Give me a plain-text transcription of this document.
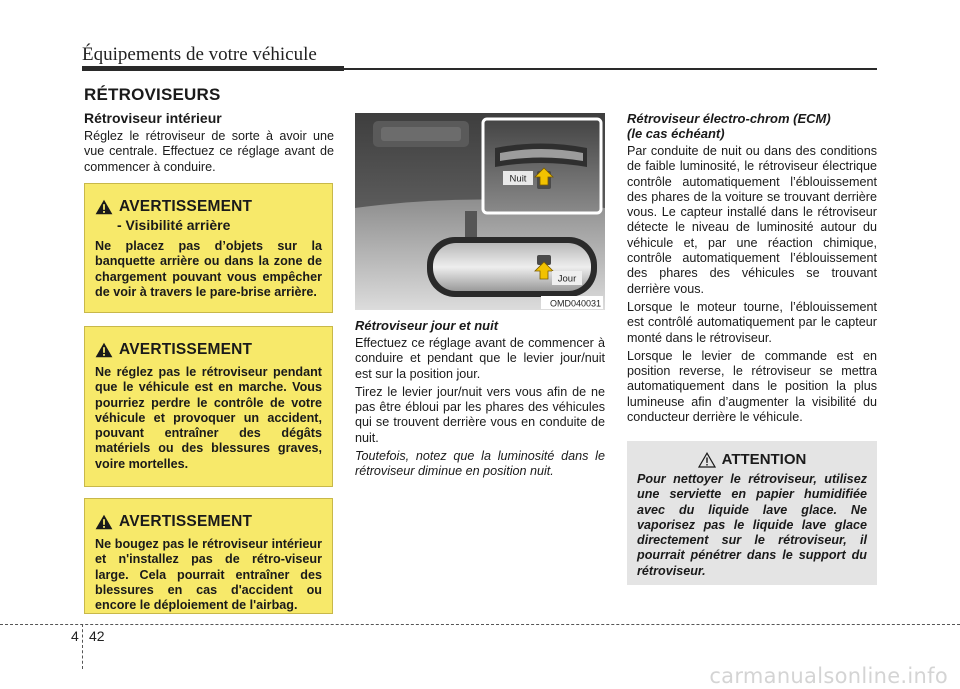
Équipements de votre véhicule
RÉTROVISEURS
Rétroviseur intérieur

Réglez le rétroviseur de sorte à avoir une vue centrale. Effectuez ce réglage avant de commencer à conduire.

AVERTISSEMENT
- Visibilité arrière
Ne placez pas d’objets sur la banquette arrière ou dans la zone de chargement pouvant vous empêcher de voir à travers le pare-brise arrière.
AVERTISSEMENT
Ne réglez pas le rétroviseur pendant que le véhicule est en marche. Vous pourriez perdre le contrôle de votre véhicule et provoquer un accident, pouvant entraîner des dégâts matériels ou des blessures graves, voire mortelles.
AVERTISSEMENT
Ne bougez pas le rétroviseur intérieur et n'installez pas de rétro-viseur large. Cela pourrait entraîner des blessures en cas d'accident ou encore le déploiement de l'airbag.
Nuit
Jour
OMD040031
Rétroviseur jour et nuit

Effectuez ce réglage avant de commencer à conduire et pendant que le levier jour/nuit est sur la position jour.

Tirez le levier jour/nuit vers vous afin de ne pas être ébloui par les phares des véhicules qui se trouvent derrière vous en conduite de nuit.

Toutefois, notez que la luminosité dans le rétroviseur diminue en position nuit.

Rétroviseur électro-chrom (ECM)
(le cas échéant)

Par conduite de nuit ou dans des conditions de faible luminosité, le rétroviseur électrique contrôle automatiquement l’éblouissement des phares de la voiture se trouvant derrière vous. Le capteur installé dans le rétroviseur détecte le niveau de luminosité autour du véhicule et, par une réaction chimique, contrôle automatiquement l’éblouissement des phares des véhicules se trouvant derrière vous.

Lorsque le moteur tourne, l’éblouissement est contrôlé automatiquement par le capteur monté dans le rétroviseur.

Lorsque le levier de commande est en position reverse, le rétroviseur se mettra automatiquement dans le position la plus lumineuse afin d’augmenter la visibilité du conducteur derrière le véhicule.

ATTENTION
Pour nettoyer le rétroviseur, utilisez une serviette en papier humidifiée avec du liquide lave glace. Ne vaporisez pas le liquide lave glace directement sur le rétroviseur, il pourrait pénétrer dans le support du rétroviseur.
4 42
carmanualsonline.info
